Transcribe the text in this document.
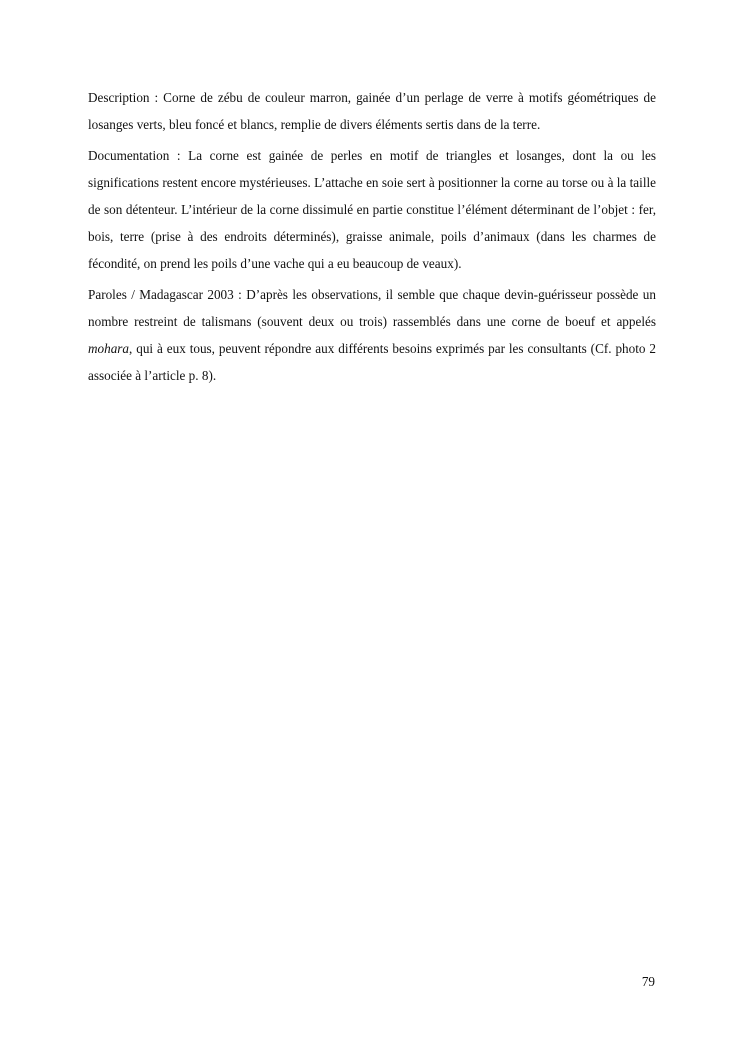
Description : Corne de zébu de couleur marron, gainée d’un perlage de verre à motifs géométriques de losanges verts, bleu foncé et blancs, remplie de divers éléments sertis dans de la terre.

Documentation : La corne est gainée de perles en motif de triangles et losanges, dont la ou les significations restent encore mystérieuses. L’attache en soie sert à positionner la corne au torse ou à la taille de son détenteur. L’intérieur de la corne dissimulé en partie constitue l’élément déterminant de l’objet : fer, bois, terre (prise à des endroits déterminés), graisse animale, poils d’animaux (dans les charmes de fécondité, on prend les poils d’une vache qui a eu beaucoup de veaux).

Paroles / Madagascar 2003 : D’après les observations, il semble que chaque devin-guérisseur possède un nombre restreint de talismans (souvent deux ou trois) rassemblés dans une corne de boeuf et appelés mohara, qui à eux tous, peuvent répondre aux différents besoins exprimés par les consultants (Cf. photo 2 associée à l’article p. 8).

79
